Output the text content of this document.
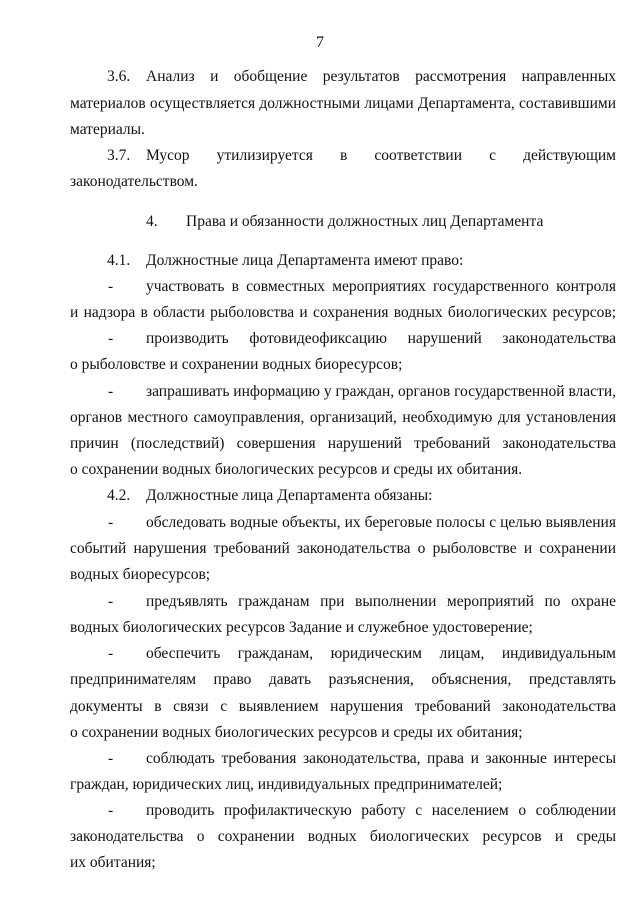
7
3.6. Анализ и обобщение результатов рассмотрения направленных
материалов осуществляется должностными лицами Департамента, составившими
материалы.
3.7. Мусор утилизируется в соответствии с действующим
законодательством.
4.	Права и обязанности должностных лиц Департамента
4.1. Должностные лица Департамента имеют право:
- участвовать в совместных мероприятиях государственного контроля
и надзора в области рыболовства и сохранения водных биологических ресурсов;
- производить фотовидеофиксацию нарушений законодательства
о рыболовстве и сохранении водных биоресурсов;
- запрашивать информацию у граждан, органов государственной власти,
органов местного самоуправления, организаций, необходимую для установления
причин (последствий) совершения нарушений требований законодательства
о сохранении водных биологических ресурсов и среды их обитания.
4.2. Должностные лица Департамента обязаны:
- обследовать водные объекты, их береговые полосы с целью выявления
событий нарушения требований законодательства о рыболовстве и сохранении
водных биоресурсов;
- предъявлять гражданам при выполнении мероприятий по охране
водных биологических ресурсов Задание и служебное удостоверение;
- обеспечить гражданам, юридическим лицам, индивидуальным
предпринимателям право давать разъяснения, объяснения, представлять
документы в связи с выявлением нарушения требований законодательства
о сохранении водных биологических ресурсов и среды их обитания;
- соблюдать требования законодательства, права и законные интересы
граждан, юридических лиц, индивидуальных предпринимателей;
- проводить профилактическую работу с населением о соблюдении
законодательства о сохранении водных биологических ресурсов и среды
их обитания;
